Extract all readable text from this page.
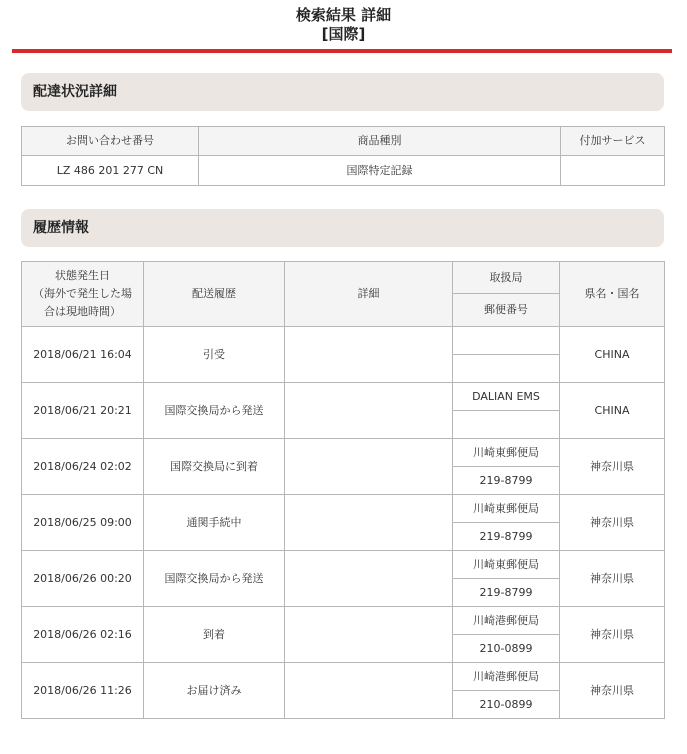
検索結果 詳細
[国際]
配達状況詳細
お問い合わせ番号	商品種別	付加サービス
LZ 486 201 277 CN	国際特定記録	
履歴情報
状態発生日
（海外で発生した場
合は現地時間）	配送履歴	詳細	取扱局	県名・国名
			郵便番号	
2018/06/21 16:04	引受			CHINA

2018/06/21 20:21	国際交換局から発送		DALIAN EMS	CHINA

2018/06/24 02:02	国際交換局に到着		川崎東郵便局	神奈川県
			219-8799	
2018/06/25 09:00	通関手続中		川崎東郵便局	神奈川県
			219-8799	
2018/06/26 00:20	国際交換局から発送		川崎東郵便局	神奈川県
			219-8799	
2018/06/26 02:16	到着		川崎港郵便局	神奈川県
			210-0899	
2018/06/26 11:26	お届け済み		川崎港郵便局	神奈川県
			210-0899	
